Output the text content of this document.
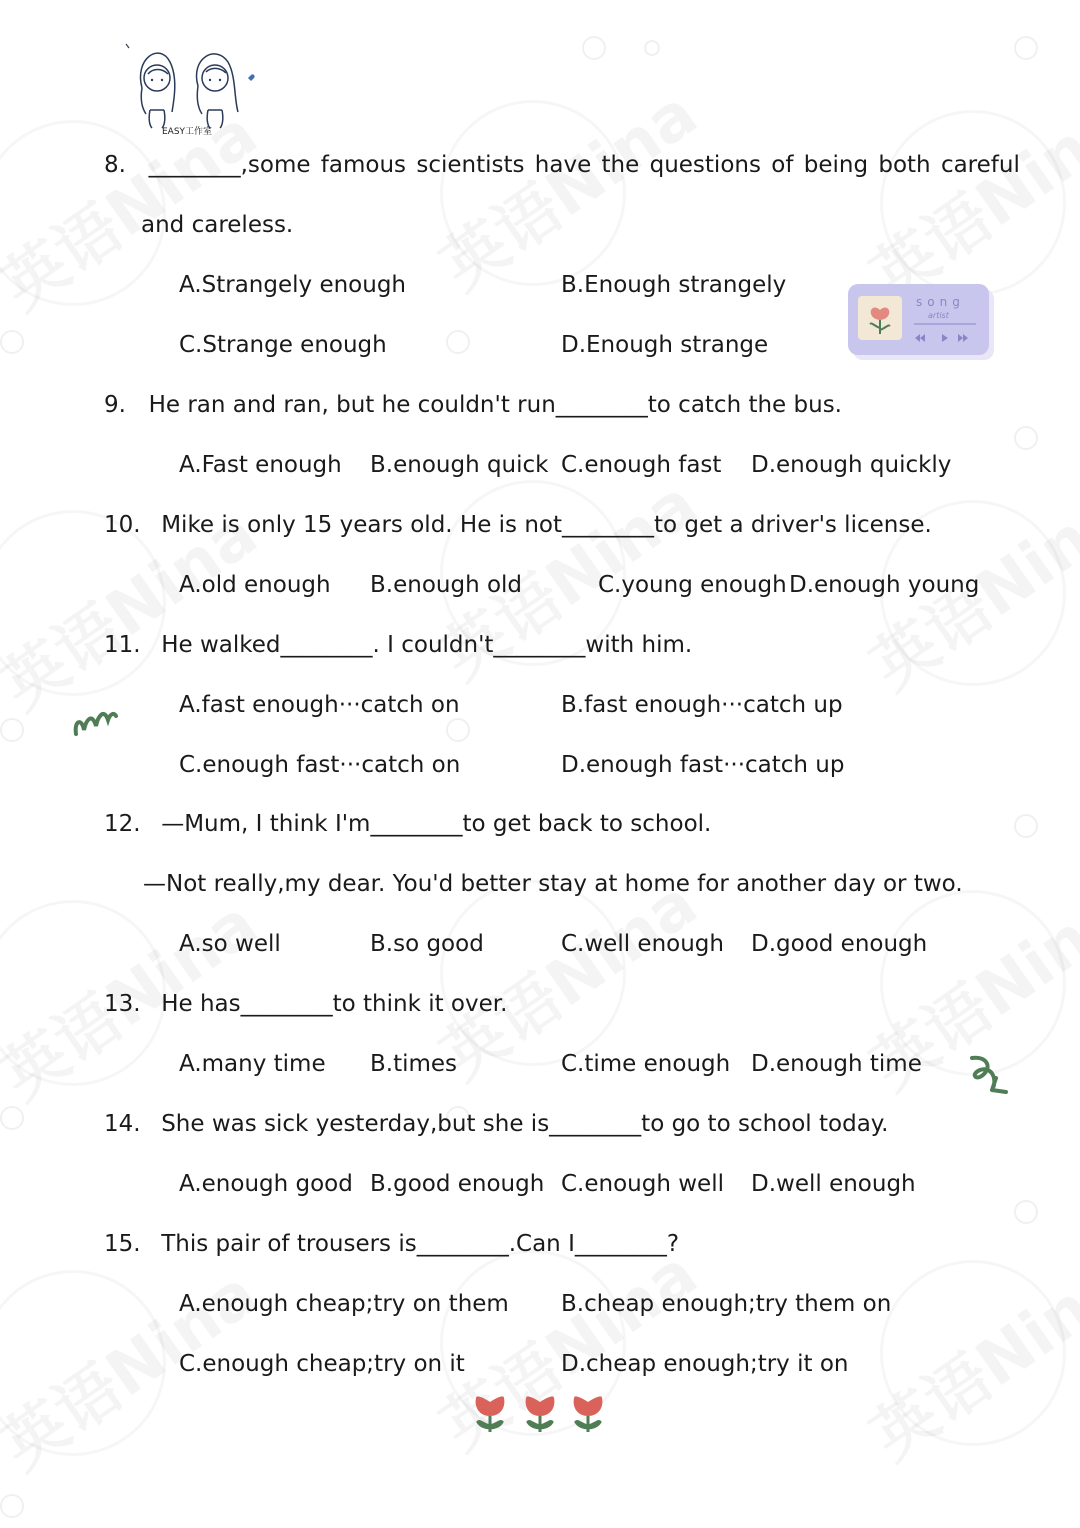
EASY工作室
8. ________,some famous scientists have the questions of being both careful
and careless.
A.Strangely enough	B.Enough strangely
C.Strange enough	D.Enough strange
song
artist
9. He ran and ran, but he couldn't run________to catch the bus.
A.Fast enough B.enough quick C.enough fast D.enough quickly
10. Mike is only 15 years old. He is not________to get a driver's license.
A.old enough B.enough old	C.young enough D.enough young
11. He walked________. I couldn't________with him.
A.fast enough···catch on	B.fast enough···catch up
C.enough fast···catch on	D.enough fast···catch up
12. —Mum, I think I'm________to get back to school.
—Not really,my dear. You'd better stay at home for another day or two.
A.so well	B.so good	C.well enough D.good enough
13. He has________to think it over.
A.many time B.times	C.time enough D.enough time
14. She was sick yesterday,but she is________to go to school today.
A.enough good B.good enough C.enough well D.well enough
15. This pair of trousers is________.Can I________?
A.enough cheap;try on them B.cheap enough;try them on
C.enough cheap;try on it	D.cheap enough;try it on
